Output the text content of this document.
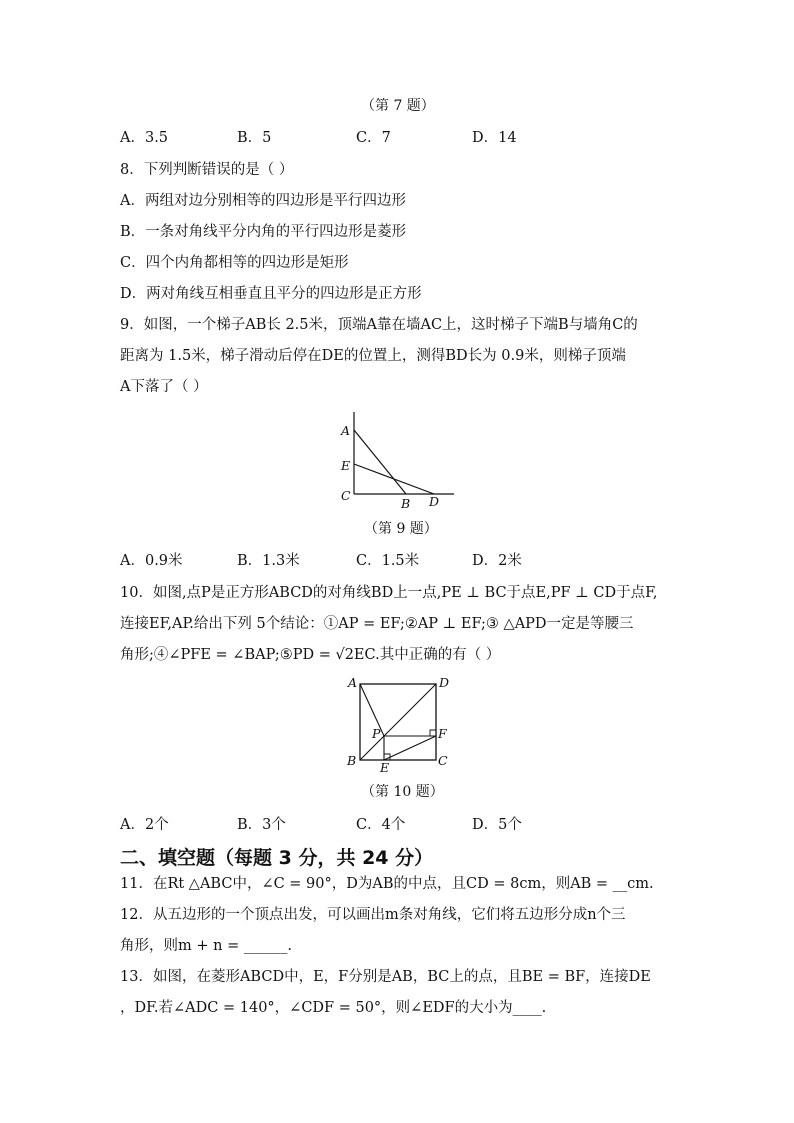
（第 7 题）
A．3.5	B．5	C．7	D．14
8．下列判断错误的是（ ）
A．两组对边分别相等的四边形是平行四边形
B．一条对角线平分内角的平行四边形是菱形
C．四个内角都相等的四边形是矩形
D．两对角线互相垂直且平分的四边形是正方形
9．如图，一个梯子AB长 2.5米，顶端A靠在墙AC上，这时梯子下端B与墙角C的
距离为 1.5米，梯子滑动后停在DE的位置上，测得BD长为 0.9米，则梯子顶端
A下落了（ ）
A
E
C
B D
（第 9 题）
A．0.9米	B．1.3米	C．1.5米	D．2米
10．如图,点P是正方形ABCD的对角线BD上一点,PE ⊥ BC于点E,PF ⊥ CD于点F,
连接EF,AP.给出下列 5个结论：①AP = EF;②AP ⊥ EF;③ △APD一定是等腰三
角形;④∠PFE = ∠BAP;⑤PD = √2EC.其中正确的有（ ）
A	D
P	F
B E	C
（第 10 题）
A．2个	B．3个	C．4个	D．5个
二、填空题（每题 3 分，共 24 分）
11．在Rt △ABC中，∠C = 90°，D为AB的中点，且CD = 8cm，则AB = __cm.
12．从五边形的一个顶点出发，可以画出m条对角线，它们将五边形分成n个三
角形，则m + n = ______.
13．如图，在菱形ABCD中，E，F分别是AB，BC上的点，且BE = BF，连接DE
，DF.若∠ADC = 140°，∠CDF = 50°，则∠EDF的大小为____.
